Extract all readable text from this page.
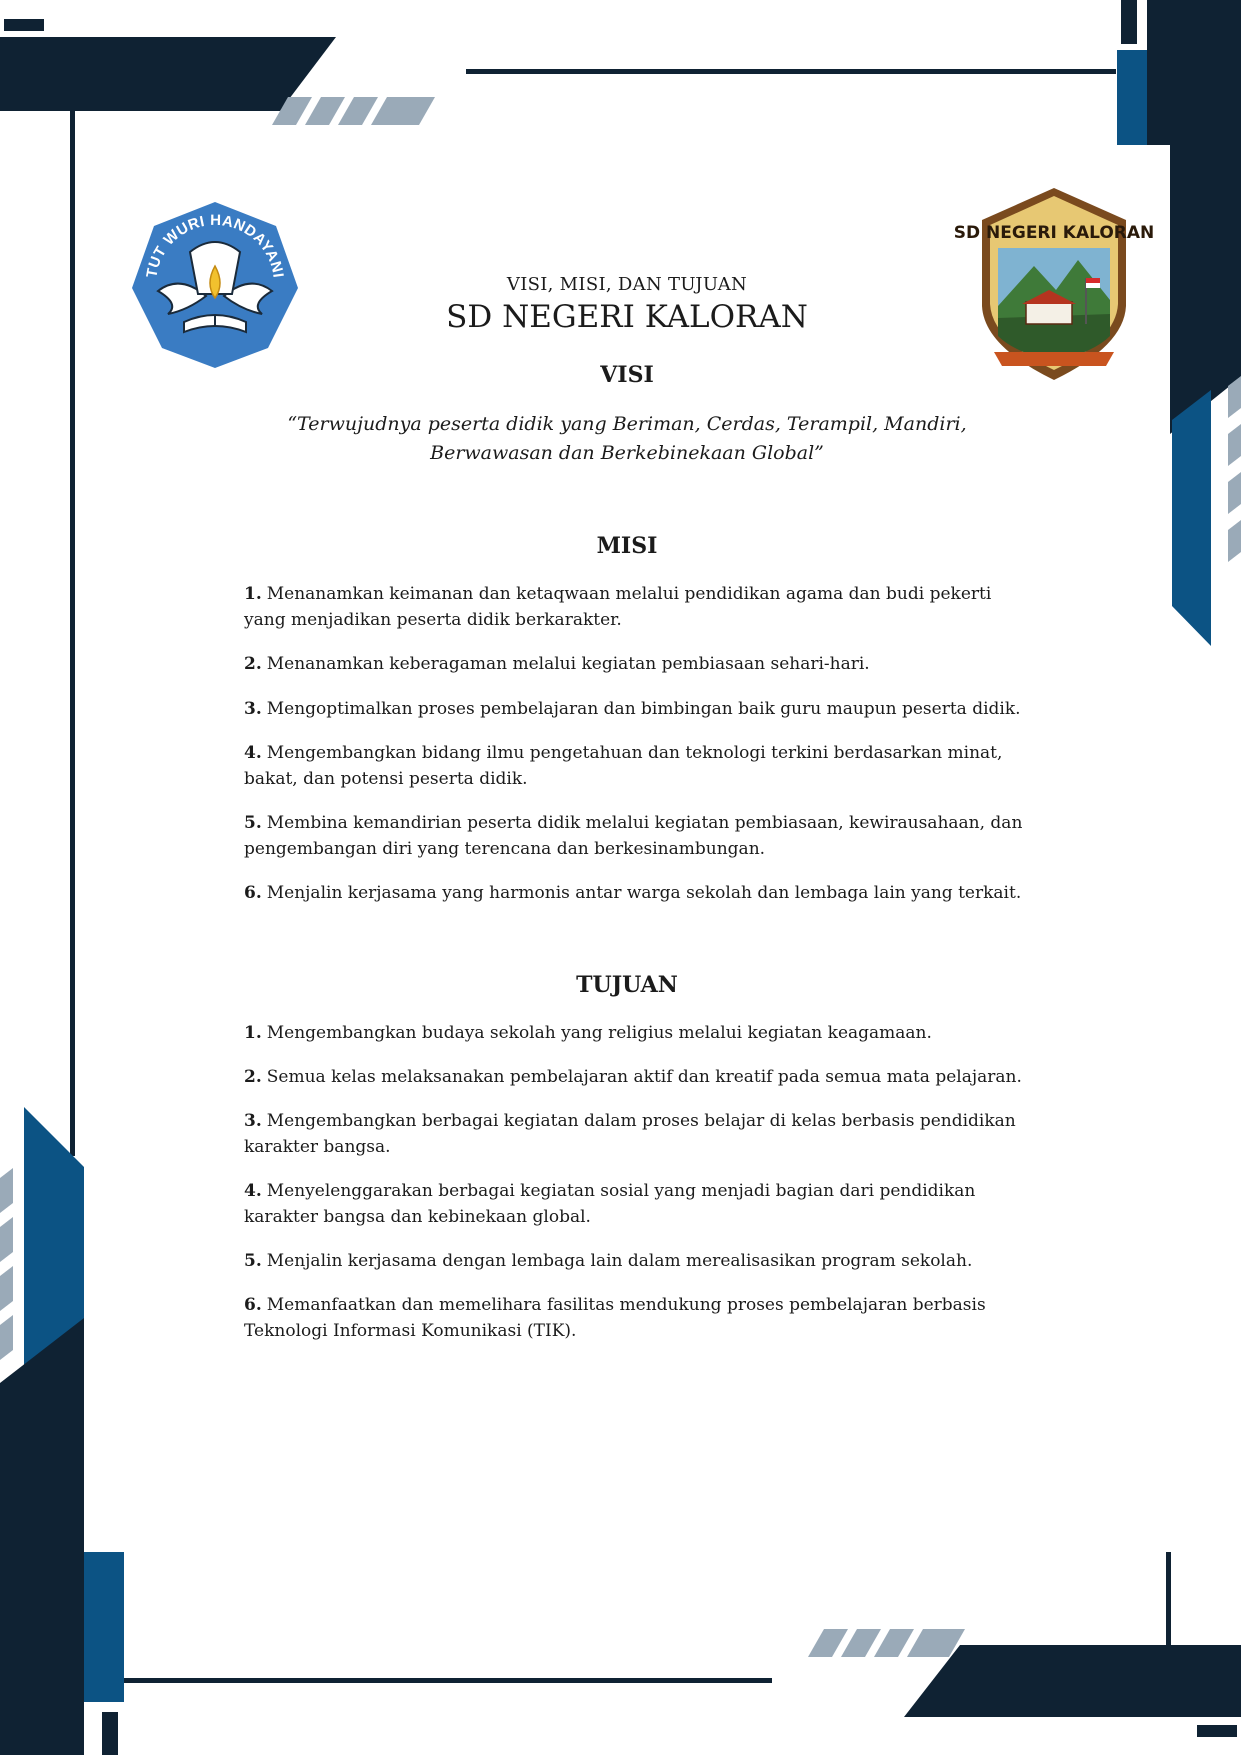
TUT WURI HANDAYANI
SD NEGERI KALORAN
VISI, MISI, DAN TUJUAN
SD NEGERI KALORAN
VISI
“Terwujudnya peserta didik yang Beriman, Cerdas, Terampil, Mandiri, Berwawasan dan Berkebinekaan Global”
MISI
1. Menanamkan keimanan dan ketaqwaan melalui pendidikan agama dan budi pekerti yang menjadikan peserta didik berkarakter.
2. Menanamkan keberagaman melalui kegiatan pembiasaan sehari-hari.
3. Mengoptimalkan proses pembelajaran dan bimbingan baik guru maupun peserta didik.
4. Mengembangkan bidang ilmu pengetahuan dan teknologi terkini berdasarkan minat, bakat, dan potensi peserta didik.
5. Membina kemandirian peserta didik melalui kegiatan pembiasaan, kewirausahaan, dan pengembangan diri yang terencana dan berkesinambungan.
6. Menjalin kerjasama yang harmonis antar warga sekolah dan lembaga lain yang terkait.
TUJUAN
1. Mengembangkan budaya sekolah yang religius melalui kegiatan keagamaan.
2. Semua kelas melaksanakan pembelajaran aktif dan kreatif pada semua mata pelajaran.
3. Mengembangkan berbagai kegiatan dalam proses belajar di kelas berbasis pendidikan karakter bangsa.
4. Menyelenggarakan berbagai kegiatan sosial yang menjadi bagian dari pendidikan karakter bangsa dan kebinekaan global.
5. Menjalin kerjasama dengan lembaga lain dalam merealisasikan program sekolah.
6. Memanfaatkan dan memelihara fasilitas mendukung proses pembelajaran berbasis Teknologi Informasi Komunikasi (TIK).
